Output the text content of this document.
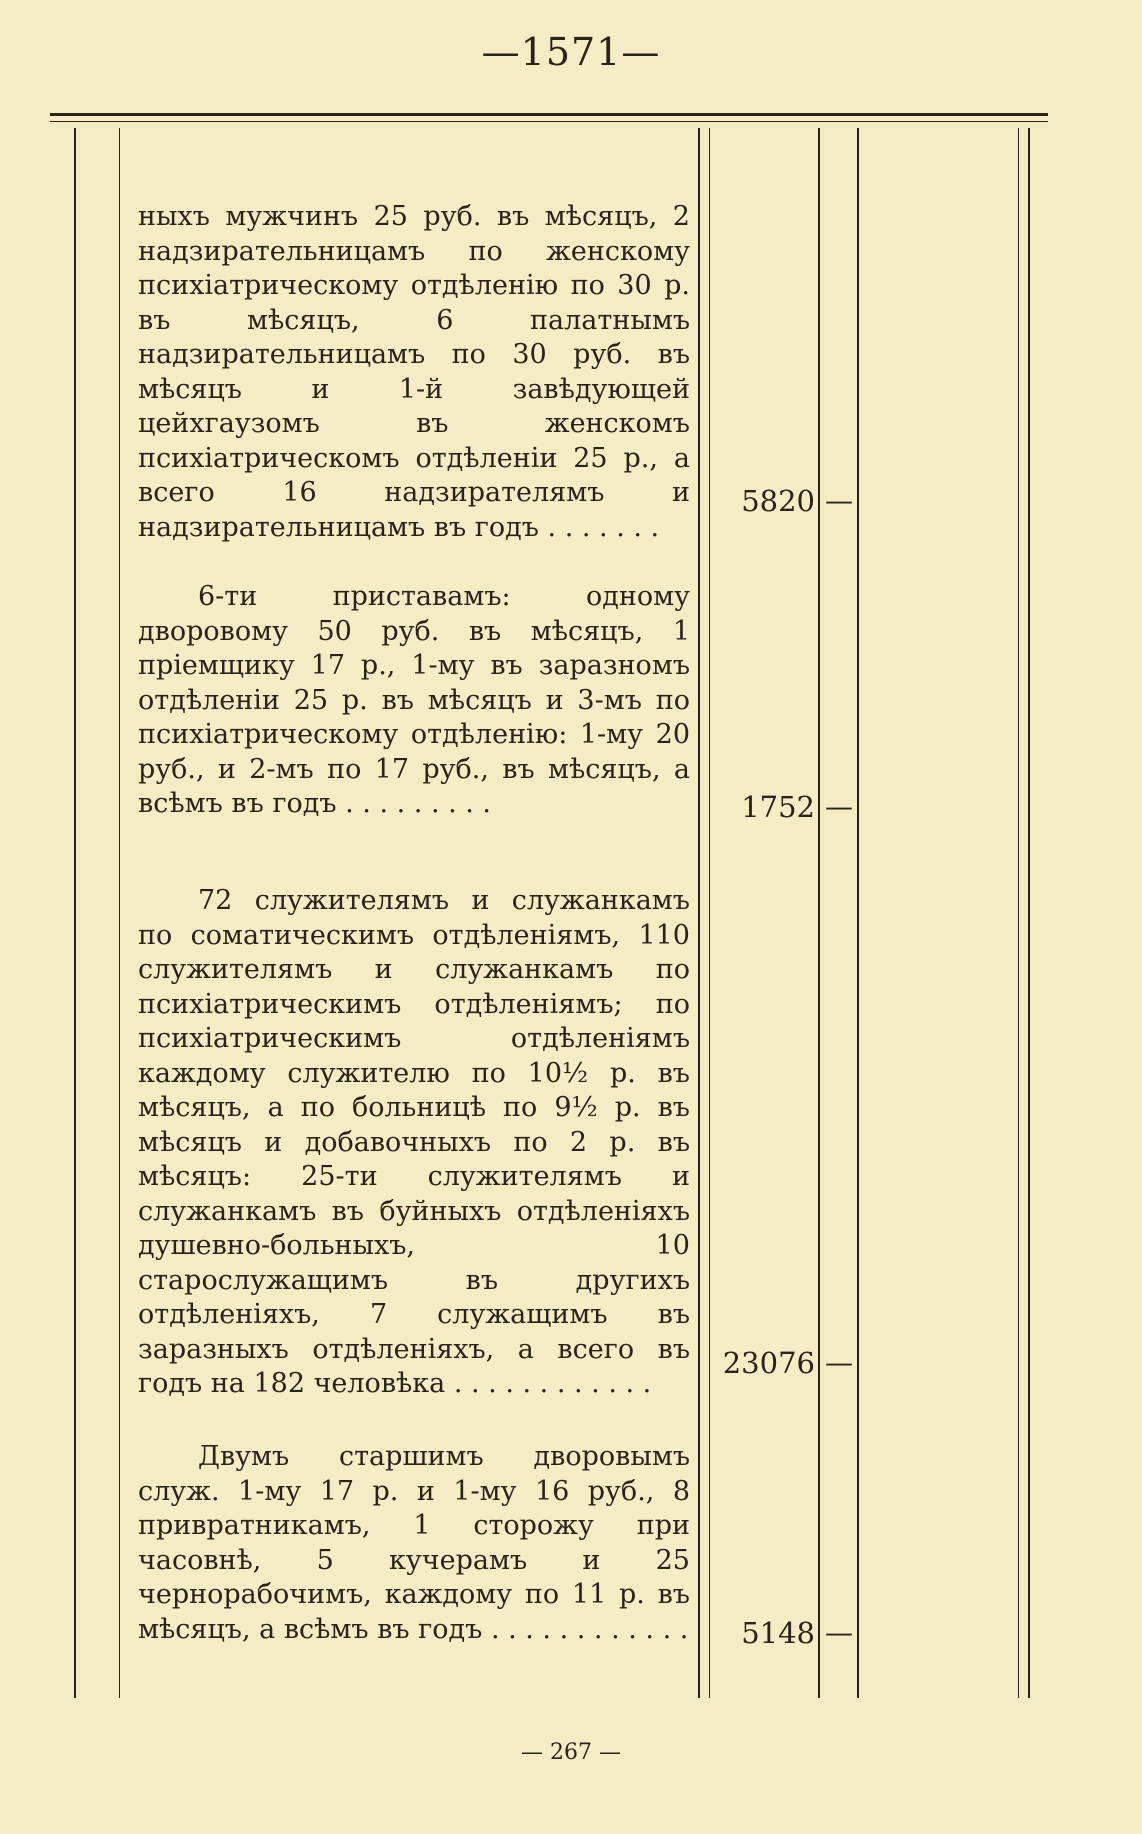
—1571—

ныхъ мужчинъ 25 руб. въ мѣсяцъ, 2 надзирательницамъ по женскому психіатрическому отдѣленію по 30 р. въ мѣсяцъ, 6 палатнымъ надзирательницамъ по 30 руб. въ мѣсяцъ и 1-й завѣдующей цейхгаузомъ въ женскомъ психіатрическомъ отдѣленіи 25 р., а всего 16 надзирателямъ и надзирательницамъ въ годъ . . . . . . .

5820 —

6-ти приставамъ: одному дворовому 50 руб. въ мѣсяцъ, 1 пріемщику 17 р., 1-му въ заразномъ отдѣленіи 25 р. въ мѣсяцъ и 3-мъ по психіатрическому отдѣленію: 1-му 20 руб., и 2-мъ по 17 руб., въ мѣсяцъ, а всѣмъ въ годъ . . . . . . . . .	1752 —

72 служителямъ и служанкамъ по соматическимъ отдѣленіямъ, 110 служителямъ и служанкамъ по психіатрическимъ отдѣленіямъ; по психіатрическимъ отдѣленіямъ каждому служителю по 10½ р. въ мѣсяцъ, а по больницѣ по 9½ р. въ мѣсяцъ и добавочныхъ по 2 р. въ мѣсяцъ: 25-ти служителямъ и служанкамъ въ буйныхъ отдѣленіяхъ душевно-больныхъ, 10 старослужащимъ въ другихъ отдѣленіяхъ, 7 служащимъ въ заразныхъ отдѣленіяхъ, а всего въ годъ на 182 человѣка . . . . . . . . . . . .

23076 —

Двумъ старшимъ дворовымъ служ. 1-му 17 р. и 1-му 16 руб., 8 привратникамъ, 1 сторожу при часовнѣ, 5 кучерамъ и 25 чернорабочимъ, каждому по 11 р. въ мѣсяцъ, а всѣмъ въ годъ . . . . . . . . . . . .	5148 —
— 267 —
